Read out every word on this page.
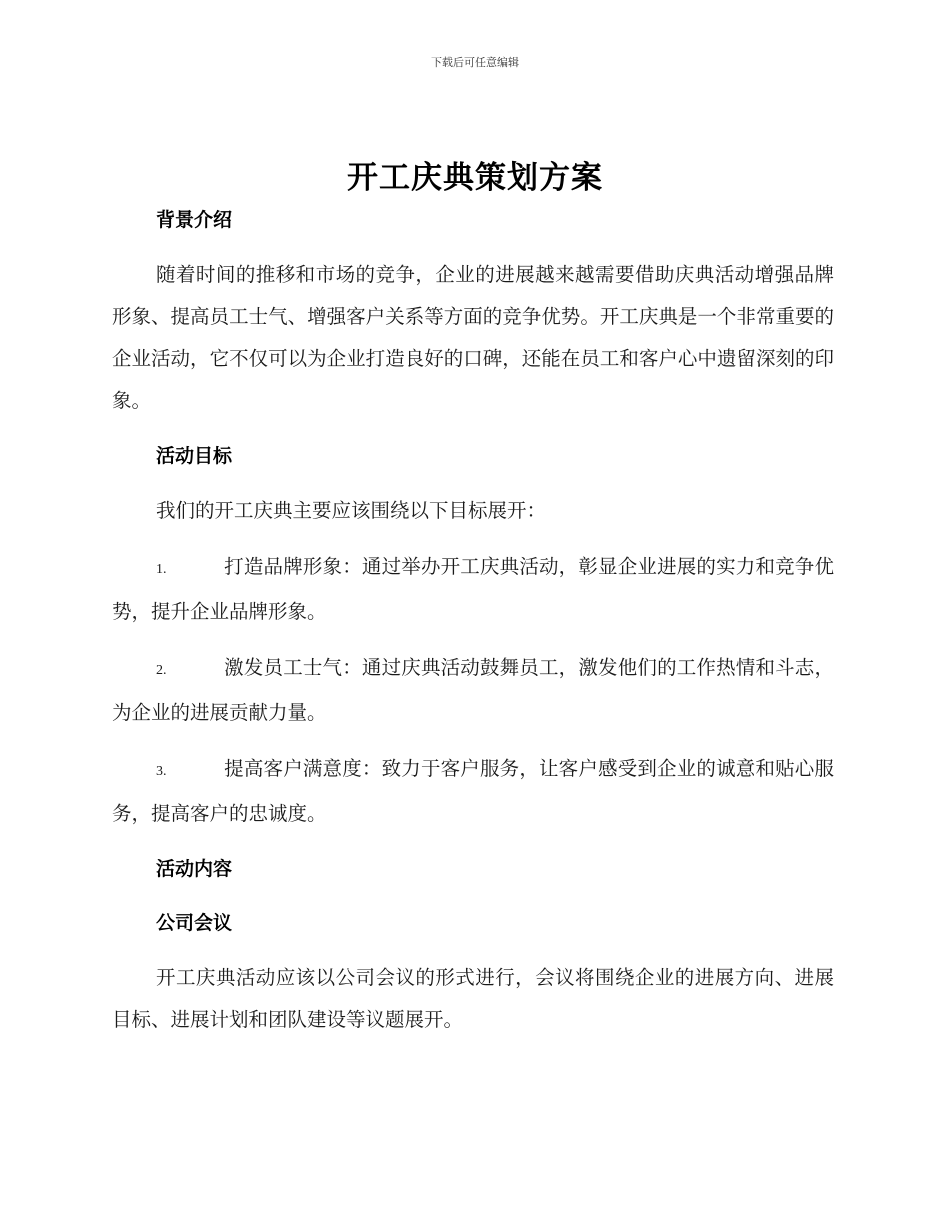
下载后可任意编辑
开工庆典策划方案
背景介绍

随着时间的推移和市场的竞争，企业的进展越来越需要借助庆典活动增强品牌形象、提高员工士气、增强客户关系等方面的竞争优势。开工庆典是一个非常重要的企业活动，它不仅可以为企业打造良好的口碑，还能在员工和客户心中遗留深刻的印象。

活动目标

我们的开工庆典主要应该围绕以下目标展开：

1.	打造品牌形象：通过举办开工庆典活动，彰显企业进展的实力和竞争优势，提升企业品牌形象。

2.	激发员工士气：通过庆典活动鼓舞员工，激发他们的工作热情和斗志，为企业的进展贡献力量。

3.	提高客户满意度：致力于客户服务，让客户感受到企业的诚意和贴心服务，提高客户的忠诚度。

活动内容
公司会议

开工庆典活动应该以公司会议的形式进行，会议将围绕企业的进展方向、进展目标、进展计划和团队建设等议题展开。
